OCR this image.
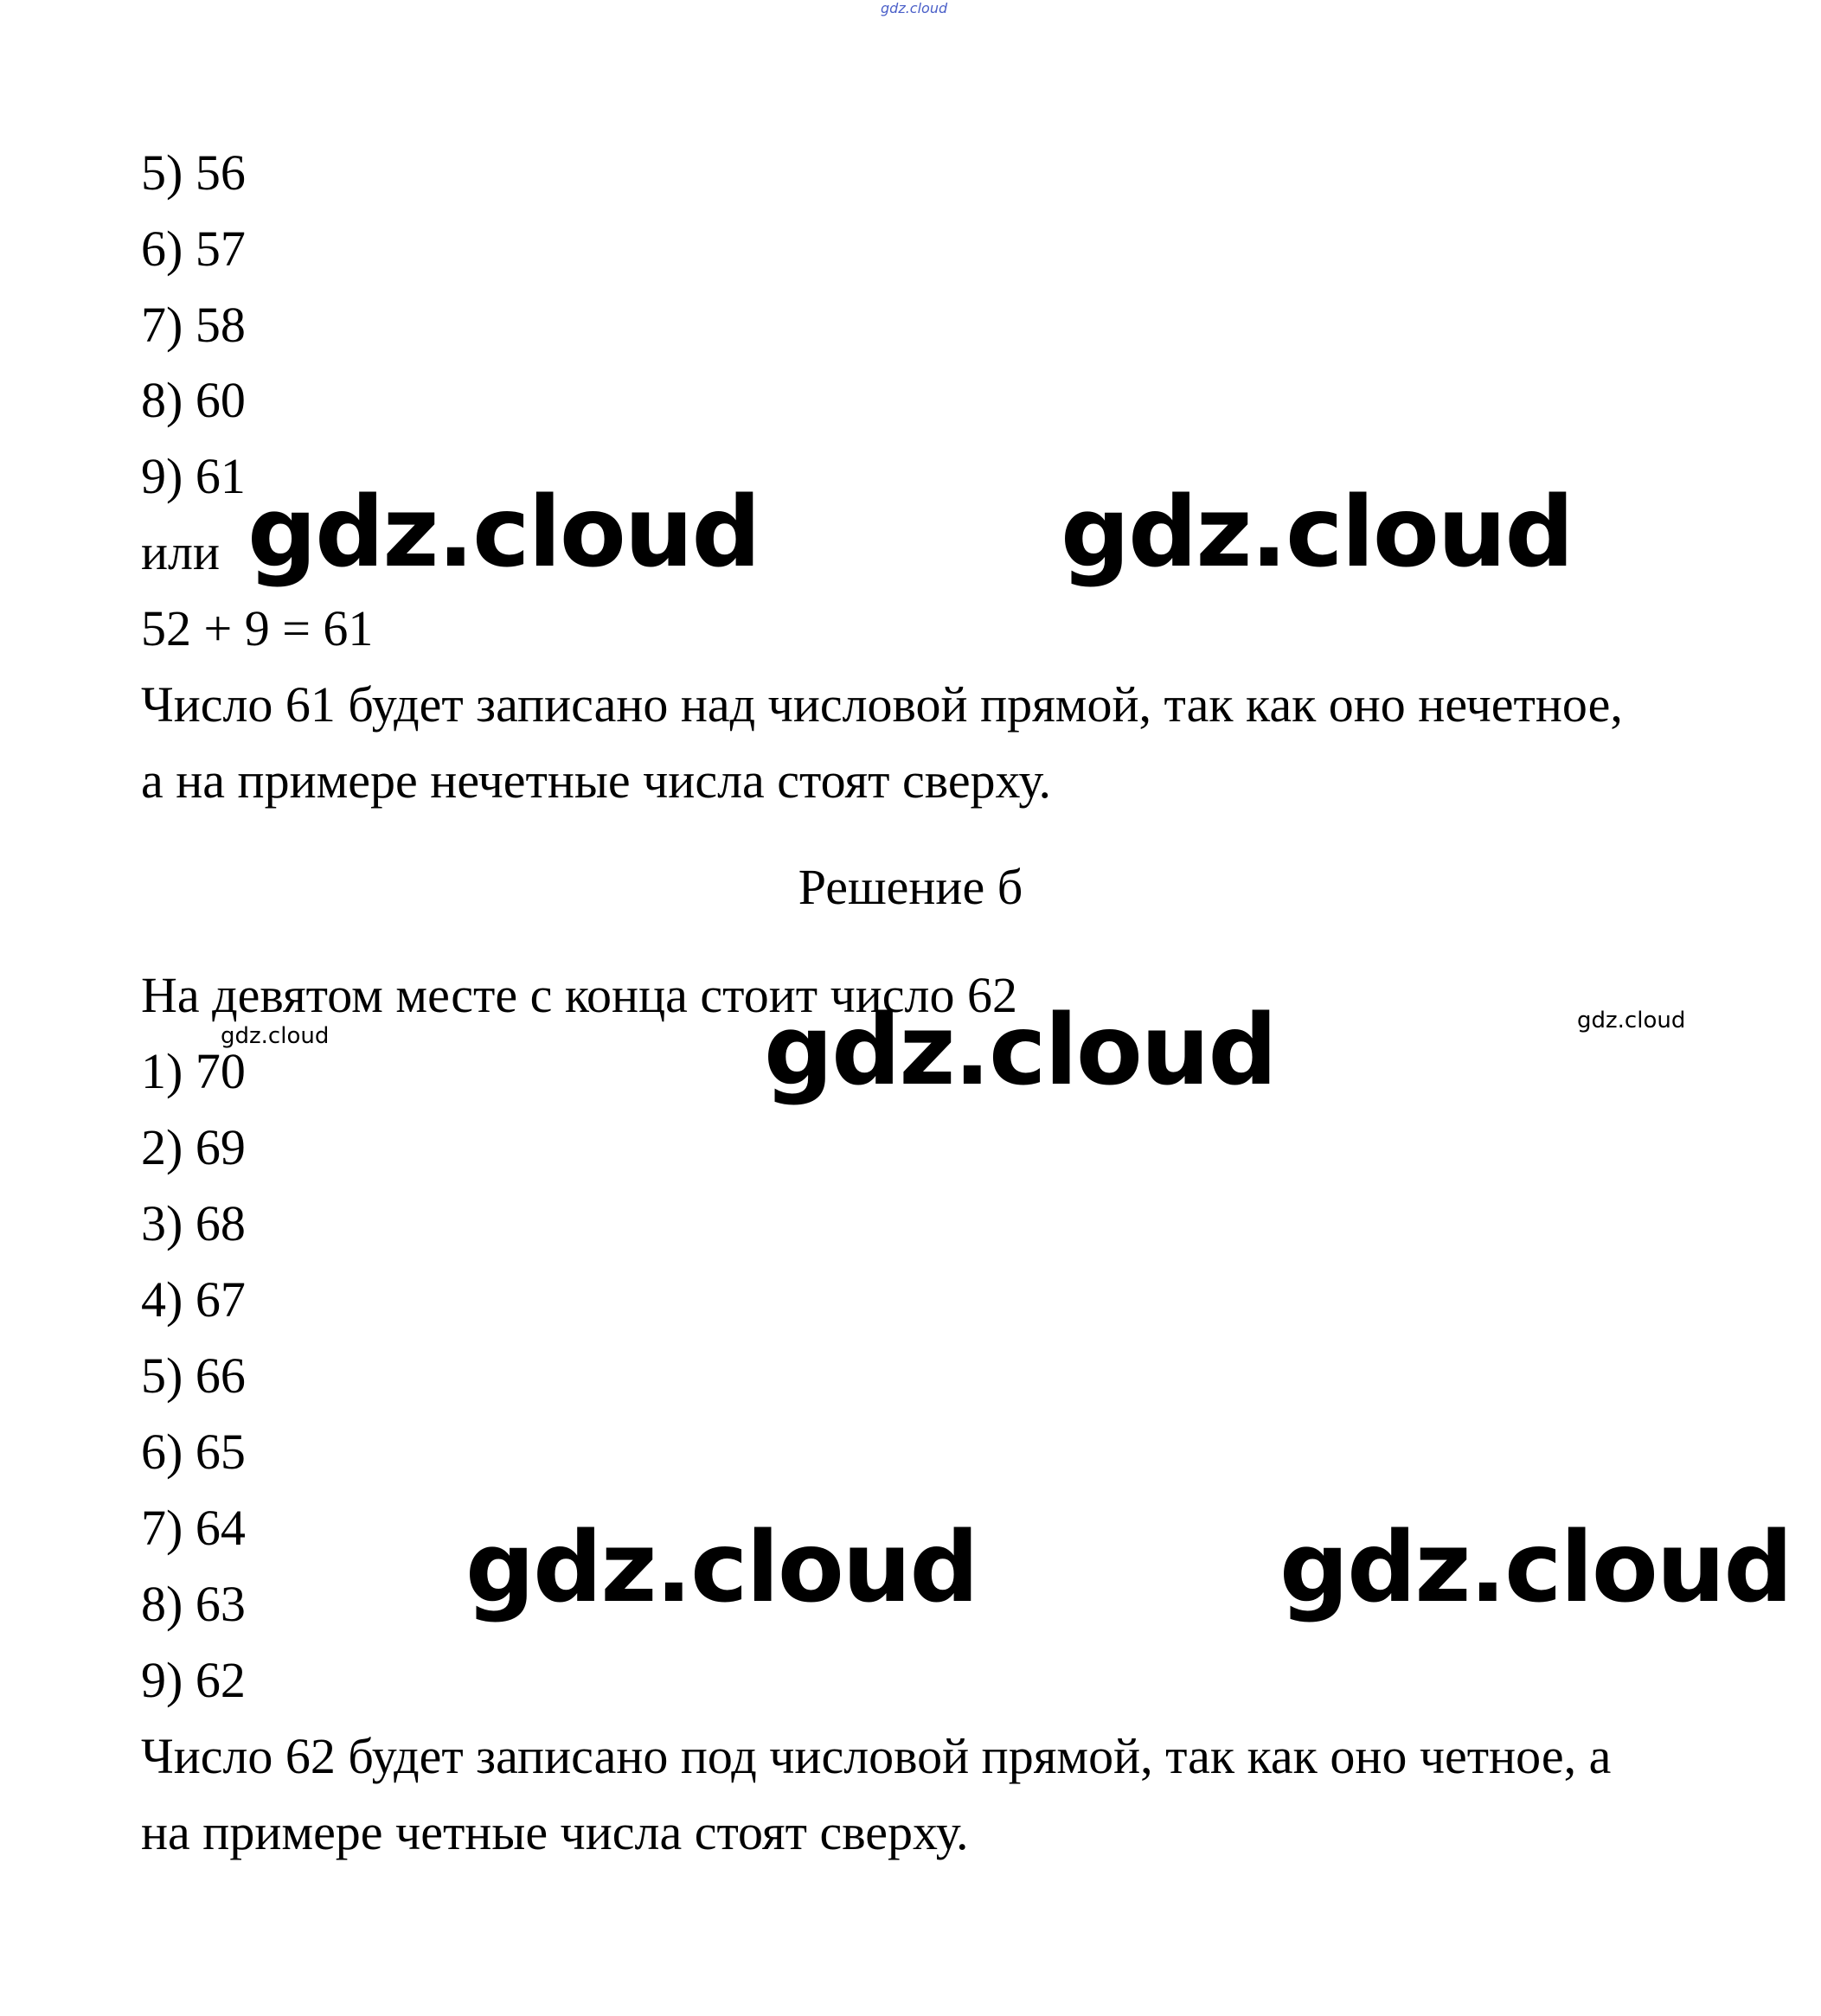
gdz.cloud
5) 56
6) 57
7) 58
8) 60
9) 61
или
52 + 9 = 61
Число 61 будет записано над числовой прямой, так как оно нечетное,
а на примере нечетные числа стоят сверху.
Решение б
На девятом месте с конца стоит число 62
1) 70
2) 69
3) 68
4) 67
5) 66
6) 65
7) 64
8) 63
9) 62
Число 62 будет записано под числовой прямой, так как оно четное, а
на примере четные числа стоят сверху.
gdz.cloud	gdz.cloud
gdz.cloud
gdz.cloud
gdz.cloud
gdz.cloud	gdz.cloud
